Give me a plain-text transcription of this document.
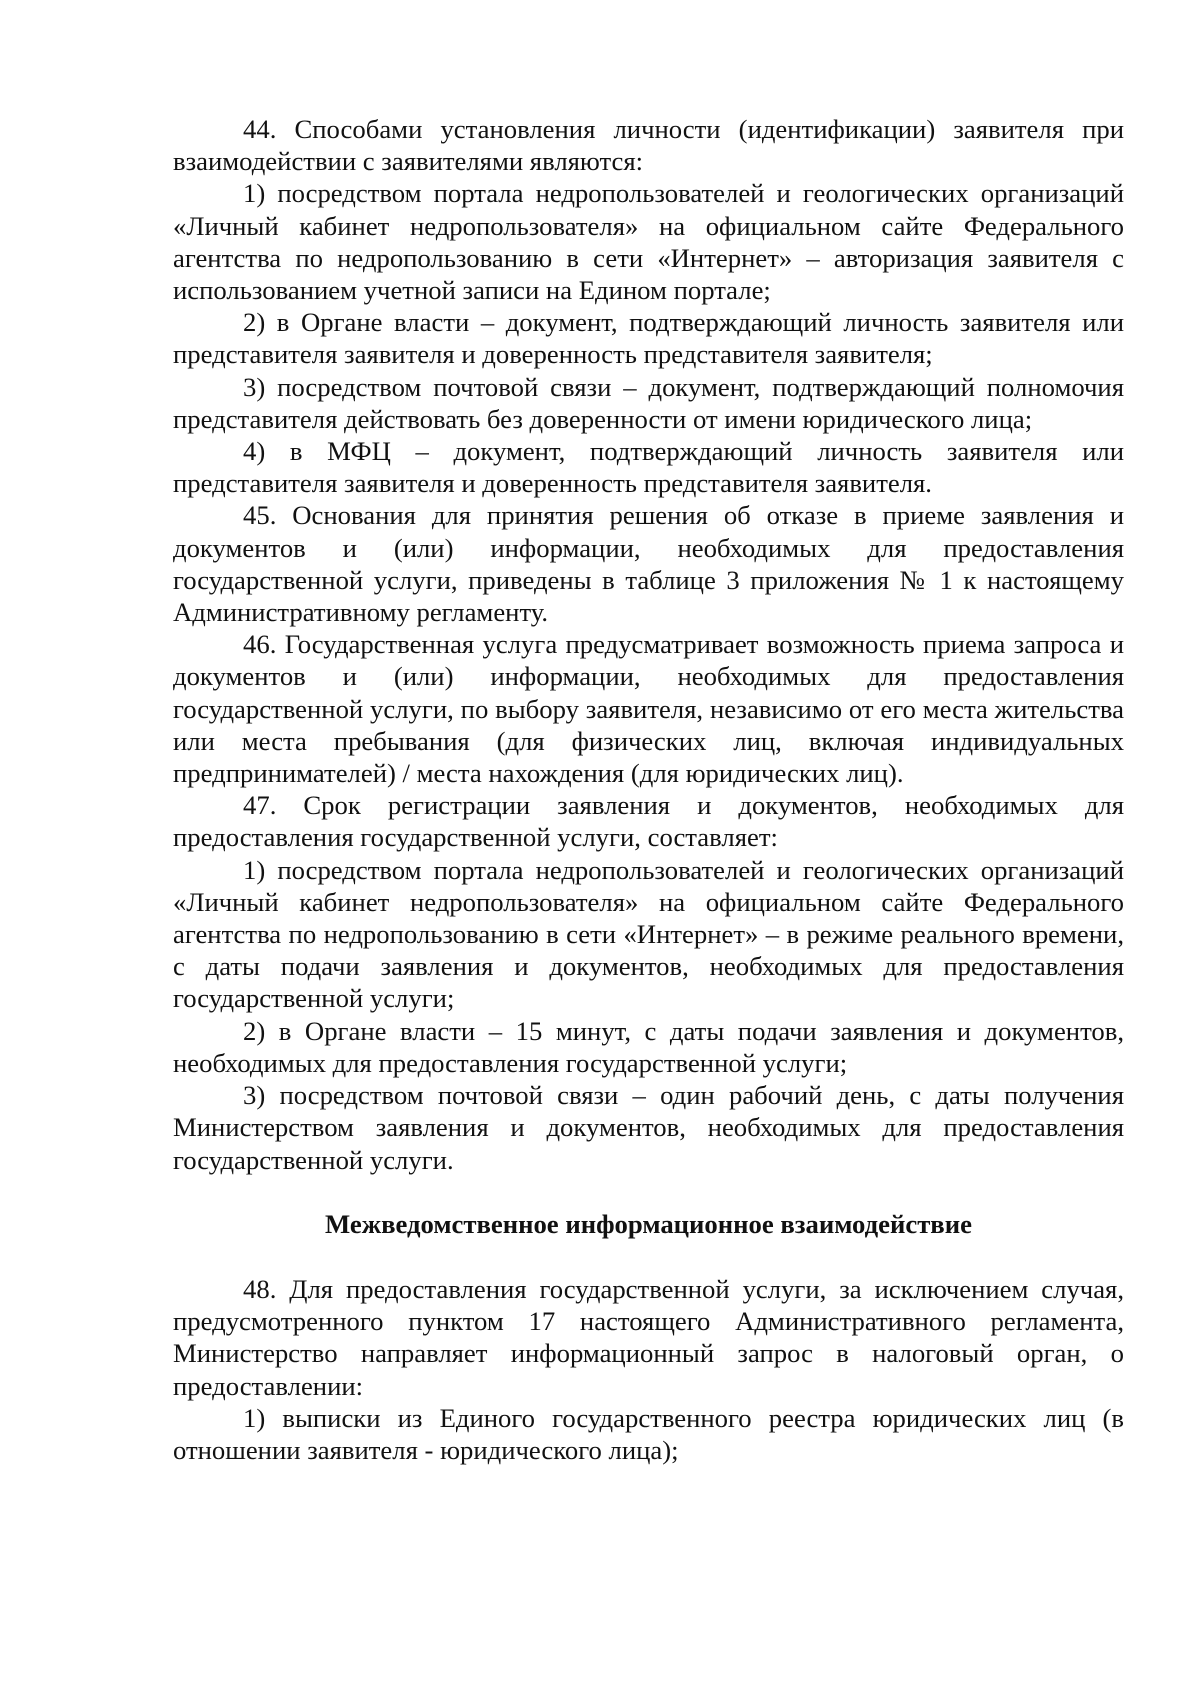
44. Способами установления личности (идентификации) заявителя при взаимодействии с заявителями являются:

1) посредством портала недропользователей и геологических организаций «Личный кабинет недропользователя» на официальном сайте Федерального агентства по недропользованию в сети «Интернет» – авторизация заявителя с использованием учетной записи на Едином портале;

2) в Органе власти – документ, подтверждающий личность заявителя или представителя заявителя и доверенность представителя заявителя;

3) посредством почтовой связи – документ, подтверждающий полномочия представителя действовать без доверенности от имени юридического лица;

4) в МФЦ – документ, подтверждающий личность заявителя или представителя заявителя и доверенность представителя заявителя.

45. Основания для принятия решения об отказе в приеме заявления и документов и (или) информации, необходимых для предоставления государственной услуги, приведены в таблице 3 приложения № 1 к настоящему Административному регламенту.

46. Государственная услуга предусматривает возможность приема запроса и документов и (или) информации, необходимых для предоставления государственной услуги, по выбору заявителя, независимо от его места жительства или места пребывания (для физических лиц, включая индивидуальных предпринимателей) / места нахождения (для юридических лиц).

47. Срок регистрации заявления и документов, необходимых для предоставления государственной услуги, составляет:

1) посредством портала недропользователей и геологических организаций «Личный кабинет недропользователя» на официальном сайте Федерального агентства по недропользованию в сети «Интернет» – в режиме реального времени, с даты подачи заявления и документов, необходимых для предоставления государственной услуги;

2) в Органе власти – 15 минут, с даты подачи заявления и документов, необходимых для предоставления государственной услуги;

3) посредством почтовой связи – один рабочий день, с даты получения Министерством заявления и документов, необходимых для предоставления государственной услуги.

Межведомственное информационное взаимодействие

48. Для предоставления государственной услуги, за исключением случая, предусмотренного пунктом 17 настоящего Административного регламента, Министерство направляет информационный запрос в налоговый орган, о предоставлении:

1) выписки из Единого государственного реестра юридических лиц (в отношении заявителя - юридического лица);
